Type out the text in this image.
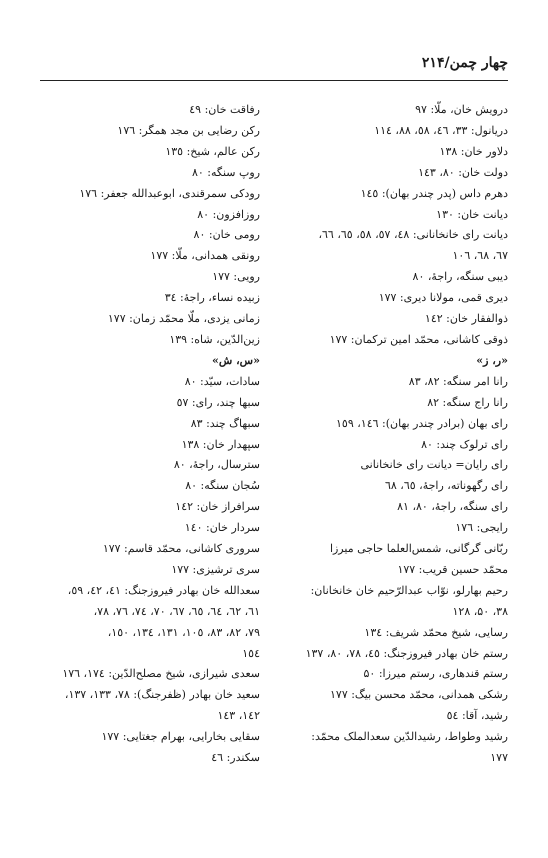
چهار چمن/۲۱۴
درویش خان، ملّا: ۹۷
دریانول: ۳۳، ٤٦، ٥٨، ٨٨، ١١٤
دلاور خان: ۱۳۸
دولت خان: ۸۰، ۱٤٣
دهرم داس (پدر چندر بهان): ١٤٥
دیانت خان: ۱۳۰
دیانت رای خانخانانی: ٤٨، ٥٧، ٥٨، ٦٥، ٦٦،
٦٧، ٦٨، ١٠٦
دیبی سنگه، راجهٔ، ۸۰
دیری قمی، مولانا دیری: ۱۷۷
ذوالفقار خان: ۱٤٢
ذوقی کاشانی، محمّد امین ترکمان: ۱۷۷
«ر، ز»
رانا امر سنگه: ۸۲، ۸۳
رانا راج سنگه: ۸۲
رای بهان (برادر چندر بهان): ١٤٦، ١٥٩
رای ترلوک چند: ۸۰
رای رایان= دیانت رای خانخانانی
رای رگهوناته، راجهٔ، ٦٥، ٦٨
رای سنگه، راجهٔ، ۸۰، ۸۱
رایجی: ۱۷٦
ربّانی گرگانی، شمس‌العلما حاجی میرزا
محمّد حسین قریب: ۱۷۷
رحیم بهارلو، نوّاب عبدالرّحیم خان خانخانان:
۳۸، ۵۰، ۱۲۸
رسایی، شیخ محمّد شریف: ۱۳٤
رستم خان بهادر فیروزجنگ: ٤٥، ٧٨، ٨٠، ١٣٧
رستم قندهاری، رستم میرزا: ۵۰
رشکی همدانی، محمّد محسن بیگ: ۱۷۷
رشید، آقا: ٥٤
رشید وطواط، رشیدالدّین سعدالملک محمّد:
۱۷۷
رفاقت خان: ٤٩
رکن رضایی بن مجد همگر: ۱۷٦
رکن عالم، شیخ: ۱۳٥
روپ سنگه: ۸۰
رودکی سمرقندی، ابوعبدالله جعفر: ۱۷٦
روزافزون: ۸۰
رومی خان: ۸۰
رونقی همدانی، ملّا: ۱۷۷
رویی: ۱۷۷
زبیده نساء، راجهٔ: ۳٤
زمانی یزدی، ملّا محمّد زمان: ۱۷۷
زین‌الدّین، شاه: ۱۳۹
«س، ش»
سادات، سیّد: ۸۰
سبها چند، رای: ٥٧
سبهاگ چند: ۸۳
سپهدار خان: ۱۳۸
سترسال، راجهٔ، ۸۰
سُجان سنگه: ۸۰
سرافراز خان: ۱٤٢
سردار خان: ۱٤٠
سروری کاشانی، محمّد قاسم: ۱۷۷
سری ترشیزی: ۱۷۷
سعدالله خان بهادر فیروزجنگ: ٤١، ٤٢، ٥٩،
٦١، ٦٢، ٦٤، ٦٥، ٦٧، ٧٠، ٧٤، ٧٦، ٧٨،
٧٩، ٨٢، ٨٣، ١٠٥، ١٣١، ١٣٤، ١٥٠،
١٥٤
سعدی شیرازی، شیخ مصلح‌الدّین: ۱۷٤، ۱۷٦
سعید خان بهادر (ظفرجنگ): ۷۸، ۱۳۳، ۱۳۷،
١٤٢، ١٤٣
سقایی بخارایی، بهرام جغتایی: ۱۷۷
سکندر: ٤٦
